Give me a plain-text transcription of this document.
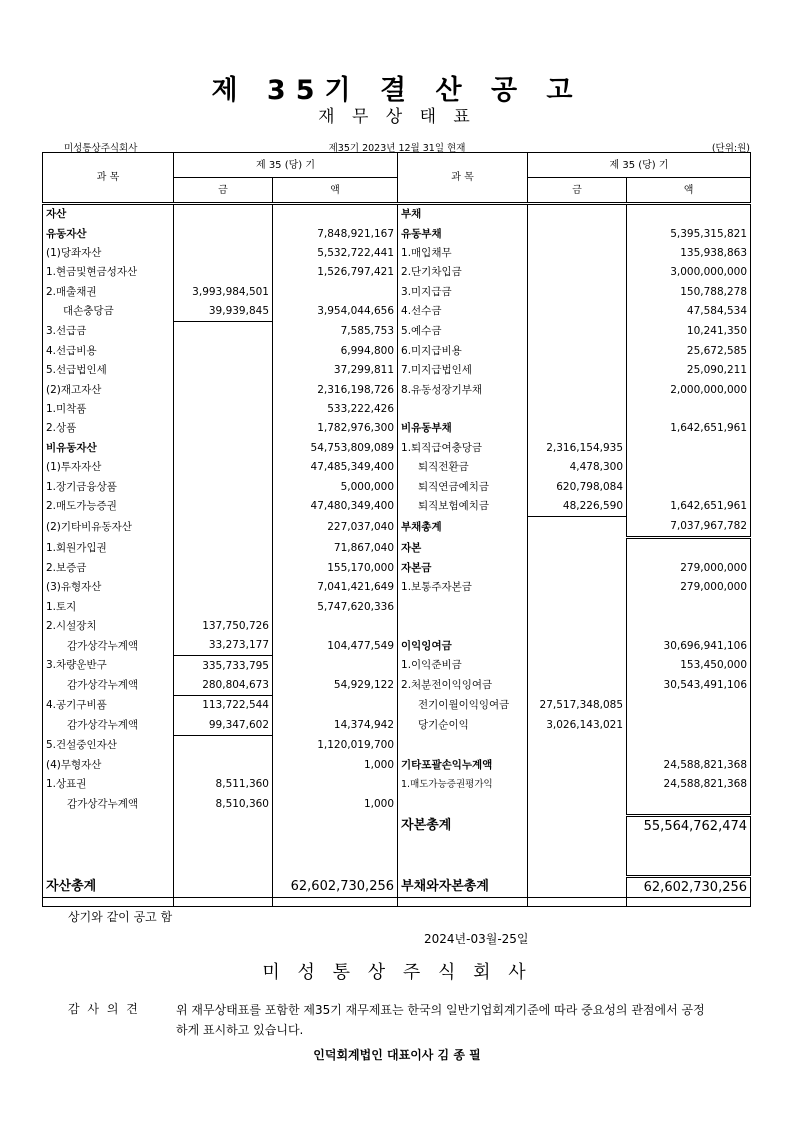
제 35기 결 산 공 고
재 무 상 태 표
미성통상주식회사	제35기 2023년 12월 31일 현재	(단위:원)
과 목	제 35 (당) 기		과 목	제 35 (당) 기	
	금	액		금	액
자산			부채		
유동자산		7,848,921,167	유동부채		5,395,315,821
(1)당좌자산		5,532,722,441	1.매입채무		135,938,863
1.현금및현금성자산		1,526,797,421	2.단기차입금		3,000,000,000
2.매출채권	3,993,984,501		3.미지급금		150,788,278
대손충당금	39,939,845	3,954,044,656	4.선수금		47,584,534
3.선급금		7,585,753	5.예수금		10,241,350
4.선급비용		6,994,800	6.미지급비용		25,672,585
5.선급법인세		37,299,811	7.미지급법인세		25,090,211
(2)재고자산		2,316,198,726	8.유동성장기부채		2,000,000,000
1.미착품		533,222,426			
2.상품		1,782,976,300	비유동부채		1,642,651,961
비유동자산		54,753,809,089	1.퇴직급여충당금	2,316,154,935	
(1)투자자산		47,485,349,400	퇴직전환금	4,478,300	
1.장기금융상품		5,000,000	퇴직연금예치금	620,798,084	
2.매도가능증권		47,480,349,400	퇴직보험예치금	48,226,590	1,642,651,961
(2)기타비유동자산		227,037,040	부채총계		7,037,967,782
1.회원가입권		71,867,040	자본		
2.보증금		155,170,000	자본금		279,000,000
(3)유형자산		7,041,421,649	1.보통주자본금		279,000,000
1.토지		5,747,620,336			
2.시설장치	137,750,726				
감가상각누계액	33,273,177	104,477,549	이익잉여금		30,696,941,106
3.차량운반구	335,733,795		1.이익준비금		153,450,000
감가상각누계액	280,804,673	54,929,122	2.처분전이익잉여금		30,543,491,106
4.공기구비품	113,722,544		전기이월이익잉여금	27,517,348,085	
감가상각누계액	99,347,602	14,374,942	당기순이익	3,026,143,021	
5.건설중인자산		1,120,019,700			
(4)무형자산		1,000	기타포괄손익누계액		24,588,821,368
1.상표권	8,511,360		1.매도가능증권평가익		24,588,821,368
감가상각누계액	8,510,360	1,000			
			자본총계		55,564,762,474

자산총계		62,602,730,256	부채와자본총계		62,602,730,256

상기와 같이 공고 함
2024년-03월-25일
미 성 통 상 주 식 회 사
감 사 의 견	위 재무상태표를 포함한 제35기 재무제표는 한국의 일반기업회계기준에 따라 중요성의 관점에서 공정하게 표시하고 있습니다.
인덕회계법인 대표이사 김 종 필
